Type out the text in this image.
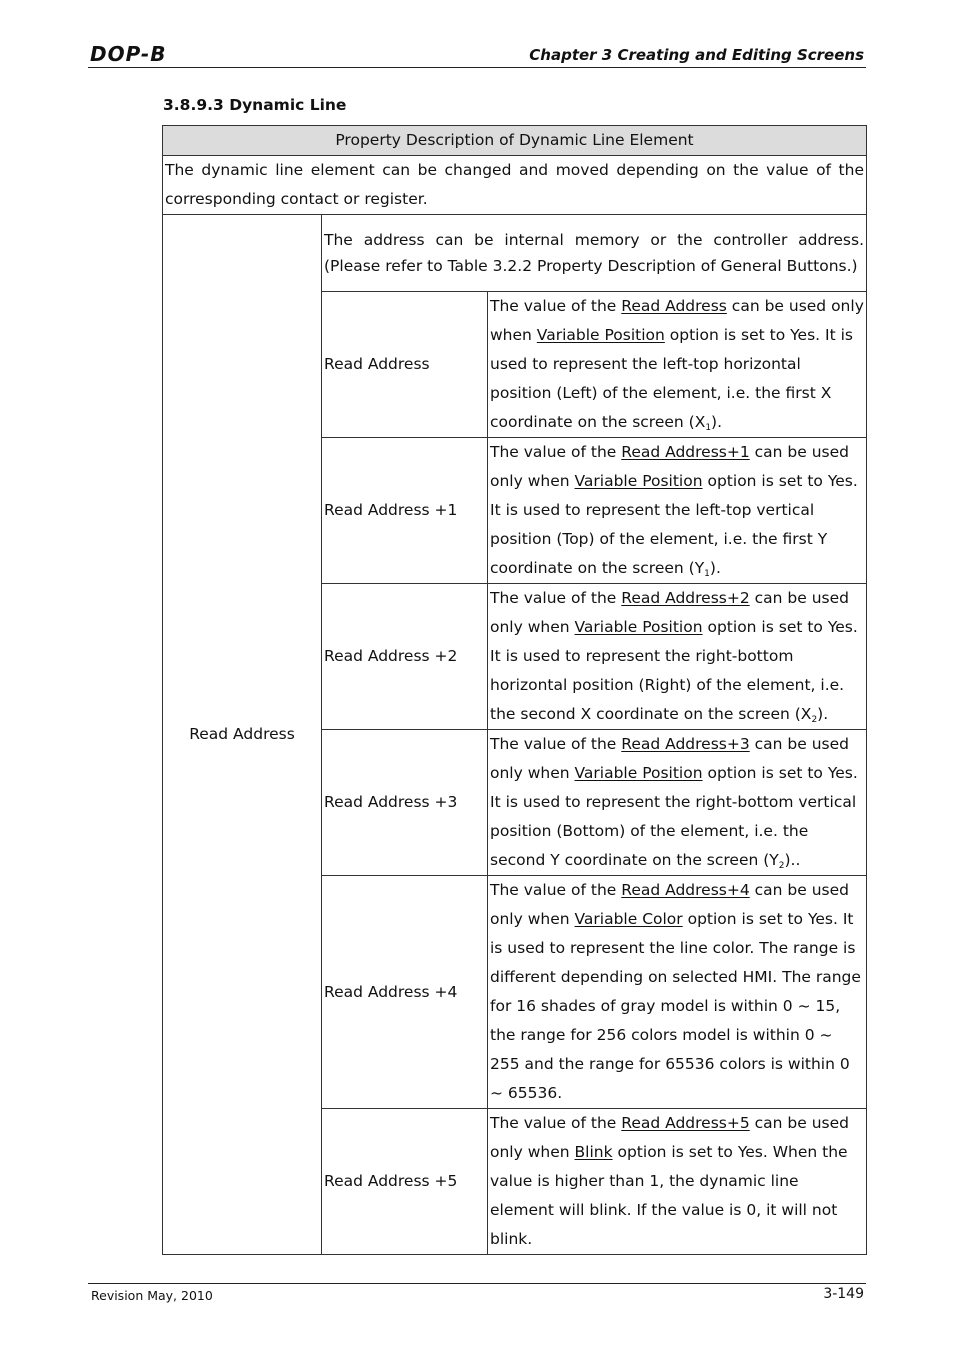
DOP-B	Chapter 3 Creating and Editing Screens
3.8.9.3 Dynamic Line
Property Description of Dynamic Line Element		
The dynamic line element can be changed and moved depending on the value of the corresponding contact or register.		
Read Address	The address can be internal memory or the controller address. (Please refer to Table 3.2.2 Property Description of General Buttons.)	
	Read Address	The value of the Read Address can be used only when Variable Position option is set to Yes. It is used to represent the left-top horizontal position (Left) of the element, i.e. the first X coordinate on the screen $(X_1)$.
	Read Address +1	The value of the Read Address+1 can be used only when Variable Position option is set to Yes. It is used to represent the left-top vertical position (Top) of the element, i.e. the first Y coordinate on the screen $(Y_1)$.
	Read Address +2	The value of the Read Address+2 can be used only when Variable Position option is set to Yes. It is used to represent the right-bottom horizontal position (Right) of the element, i.e. the second X coordinate on the screen $(X_2)$.
	Read Address +3	The value of the Read Address+3 can be used only when Variable Position option is set to Yes. It is used to represent the right-bottom vertical position (Bottom) of the element, i.e. the second Y coordinate on the screen $(Y_2)$..
	Read Address +4	The value of the Read Address+4 can be used only when Variable Color option is set to Yes. It is used to represent the line color. The range is different depending on selected HMI. The range for 16 shades of gray model is within 0 ~ 15, the range for 256 colors model is within 0 ~ 255 and the range for 65536 colors is within 0 ~ 65536.
	Read Address +5	The value of the Read Address+5 can be used only when Blink option is set to Yes. When the value is higher than 1, the dynamic line element will blink. If the value is 0, it will not blink.
Revision May, 2010	3-149
